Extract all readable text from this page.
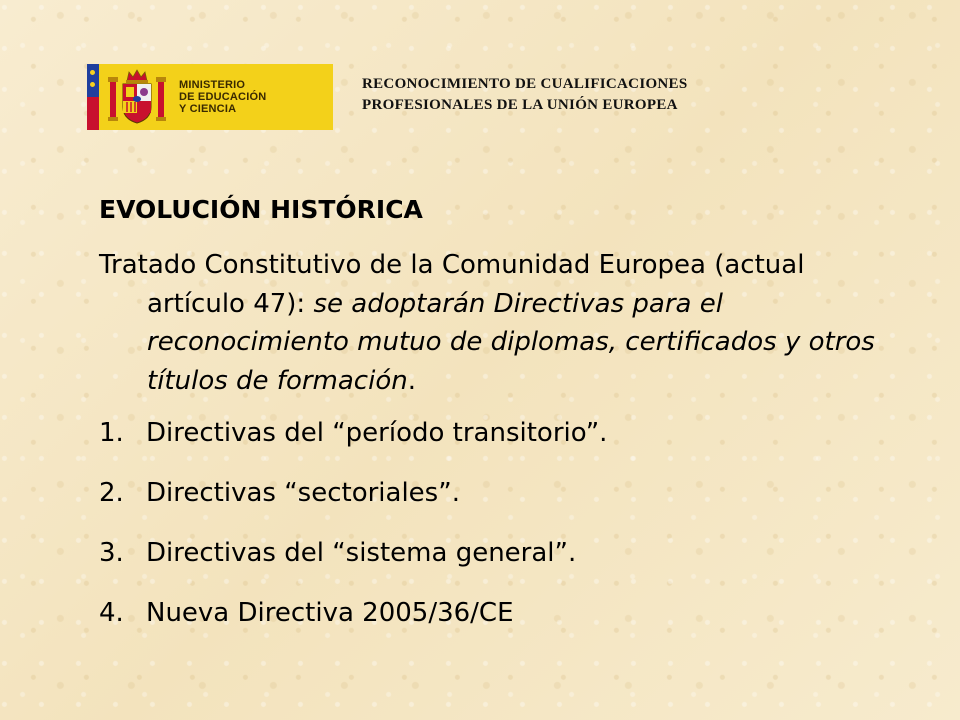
MINISTERIO
DE EDUCACIÓN
Y CIENCIA
RECONOCIMIENTO DE CUALIFICACIONES
PROFESIONALES DE LA UNIÓN EUROPEA
EVOLUCIÓN HISTÓRICA

Tratado Constitutivo de la Comunidad Europea (actual artículo 47): se adoptarán Directivas para el reconocimiento mutuo de diplomas, certificados y otros títulos de formación.

1. Directivas del “período transitorio”.
2. Directivas “sectoriales”.
3. Directivas del “sistema general”.
4. Nueva Directiva 2005/36/CE
